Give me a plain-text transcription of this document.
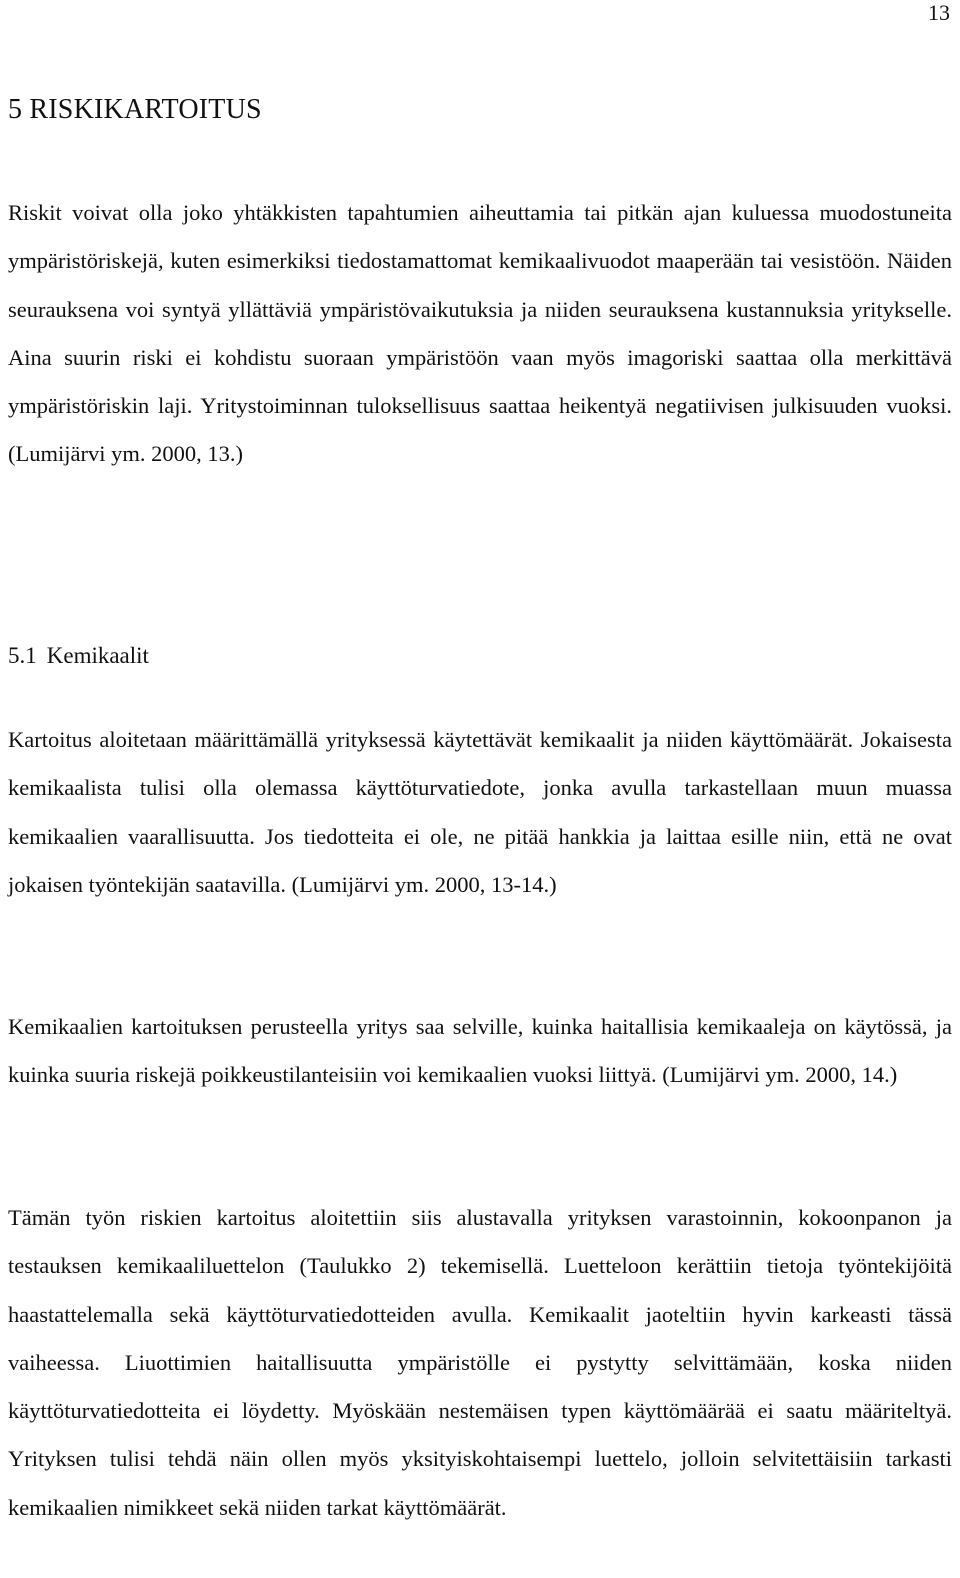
13
5 RISKIKARTOITUS

Riskit voivat olla joko yhtäkkisten tapahtumien aiheuttamia tai pitkän ajan kuluessa muodostuneita ympäristöriskejä, kuten esimerkiksi tiedostamattomat kemikaalivuodot maaperään tai vesistöön. Näiden seurauksena voi syntyä yllättäviä ympäristövaikutuksia ja niiden seurauksena kustannuksia yritykselle. Aina suurin riski ei kohdistu suoraan ympäristöön vaan myös imagoriski saattaa olla merkittävä ympäristöriskin laji. Yritystoiminnan tuloksellisuus saattaa heikentyä negatiivisen julkisuuden vuoksi. (Lumijärvi ym. 2000, 13.)

5.1 Kemikaalit

Kartoitus aloitetaan määrittämällä yrityksessä käytettävät kemikaalit ja niiden käyttömäärät. Jokaisesta kemikaalista tulisi olla olemassa käyttöturvatiedote, jonka avulla tarkastellaan muun muassa kemikaalien vaarallisuutta. Jos tiedotteita ei ole, ne pitää hankkia ja laittaa esille niin, että ne ovat jokaisen työntekijän saatavilla. (Lumijärvi ym. 2000, 13-14.)

Kemikaalien kartoituksen perusteella yritys saa selville, kuinka haitallisia kemikaaleja on käytössä, ja kuinka suuria riskejä poikkeustilanteisiin voi kemikaalien vuoksi liittyä. (Lumijärvi ym. 2000, 14.)

Tämän työn riskien kartoitus aloitettiin siis alustavalla yrityksen varastoinnin, kokoonpanon ja testauksen kemikaaliluettelon (Taulukko 2) tekemisellä. Luetteloon kerättiin tietoja työntekijöitä haastattelemalla sekä käyttöturvatiedotteiden avulla. Kemikaalit jaoteltiin hyvin karkeasti tässä vaiheessa. Liuottimien haitallisuutta ympäristölle ei pystytty selvittämään, koska niiden käyttöturvatiedotteita ei löydetty. Myöskään nestemäisen typen käyttömäärää ei saatu määriteltyä. Yrityksen tulisi tehdä näin ollen myös yksityiskohtaisempi luettelo, jolloin selvitettäisiin tarkasti kemikaalien nimikkeet sekä niiden tarkat käyttömäärät.
